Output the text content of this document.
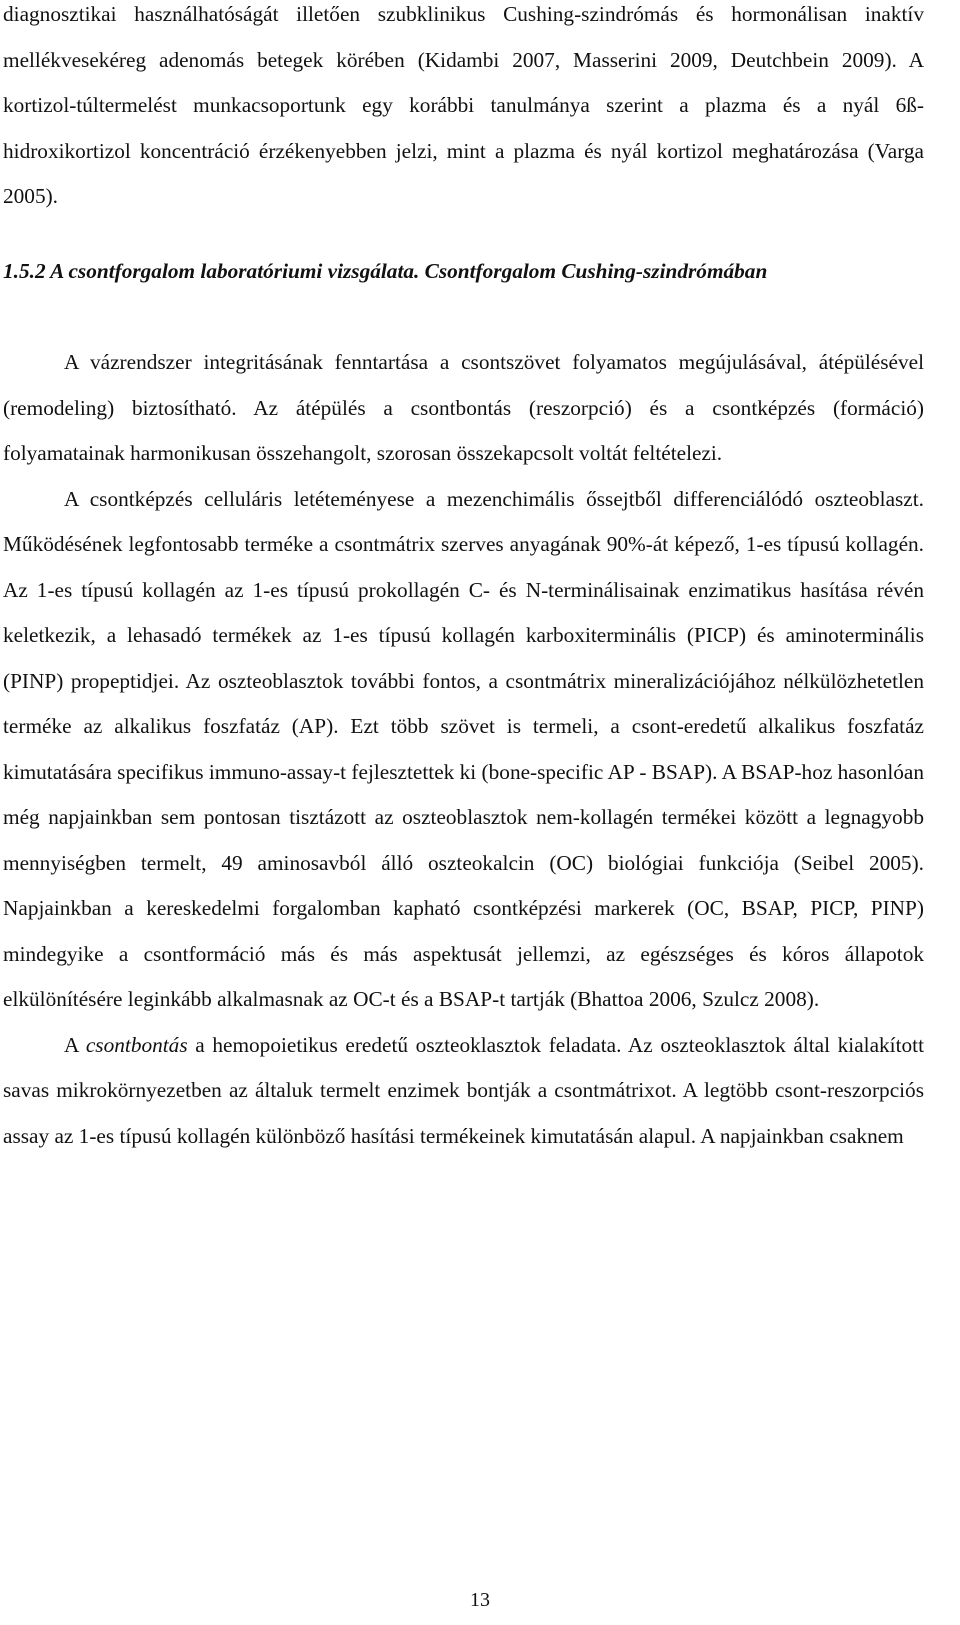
diagnosztikai használhatóságát illetően szubklinikus Cushing-szindrómás és hormonálisan inaktív mellékvesekéreg adenomás betegek körében (Kidambi 2007, Masserini 2009, Deutchbein 2009). A kortizol-túltermelést munkacsoportunk egy korábbi tanulmánya szerint a plazma és a nyál 6ß-hidroxikortizol koncentráció érzékenyebben jelzi, mint a plazma és nyál kortizol meghatározása (Varga 2005).

1.5.2 A csontforgalom laboratóriumi vizsgálata. Csontforgalom Cushing-szindrómában

A vázrendszer integritásának fenntartása a csontszövet folyamatos megújulásával, átépülésével (remodeling) biztosítható. Az átépülés a csontbontás (reszorpció) és a csontképzés (formáció) folyamatainak harmonikusan összehangolt, szorosan összekapcsolt voltát feltételezi.

A csontképzés celluláris letéteményese a mezenchimális őssejtből differenciálódó oszteoblaszt. Működésének legfontosabb terméke a csontmátrix szerves anyagának 90%-át képező, 1-es típusú kollagén. Az 1-es típusú kollagén az 1-es típusú prokollagén C- és N-terminálisainak enzimatikus hasítása révén keletkezik, a lehasadó termékek az 1-es típusú kollagén karboxiterminális (PICP) és aminoterminális (PINP) propeptidjei. Az oszteoblasztok további fontos, a csontmátrix mineralizációjához nélkülözhetetlen terméke az alkalikus foszfatáz (AP). Ezt több szövet is termeli, a csont-eredetű alkalikus foszfatáz kimutatására specifikus immuno-assay-t fejlesztettek ki (bone-specific AP - BSAP). A BSAP-hoz hasonlóan még napjainkban sem pontosan tisztázott az oszteoblasztok nem-kollagén termékei között a legnagyobb mennyiségben termelt, 49 aminosavból álló oszteokalcin (OC) biológiai funkciója (Seibel 2005). Napjainkban a kereskedelmi forgalomban kapható csontképzési markerek (OC, BSAP, PICP, PINP) mindegyike a csontformáció más és más aspektusát jellemzi, az egészséges és kóros állapotok elkülönítésére leginkább alkalmasnak az OC-t és a BSAP-t tartják (Bhattoa 2006, Szulcz 2008).

A csontbontás a hemopoietikus eredetű oszteoklasztok feladata. Az oszteoklasztok által kialakított savas mikrokörnyezetben az általuk termelt enzimek bontják a csontmátrixot. A legtöbb csont-reszorpciós assay az 1-es típusú kollagén különböző hasítási termékeinek kimutatásán alapul. A napjainkban csaknem

13
